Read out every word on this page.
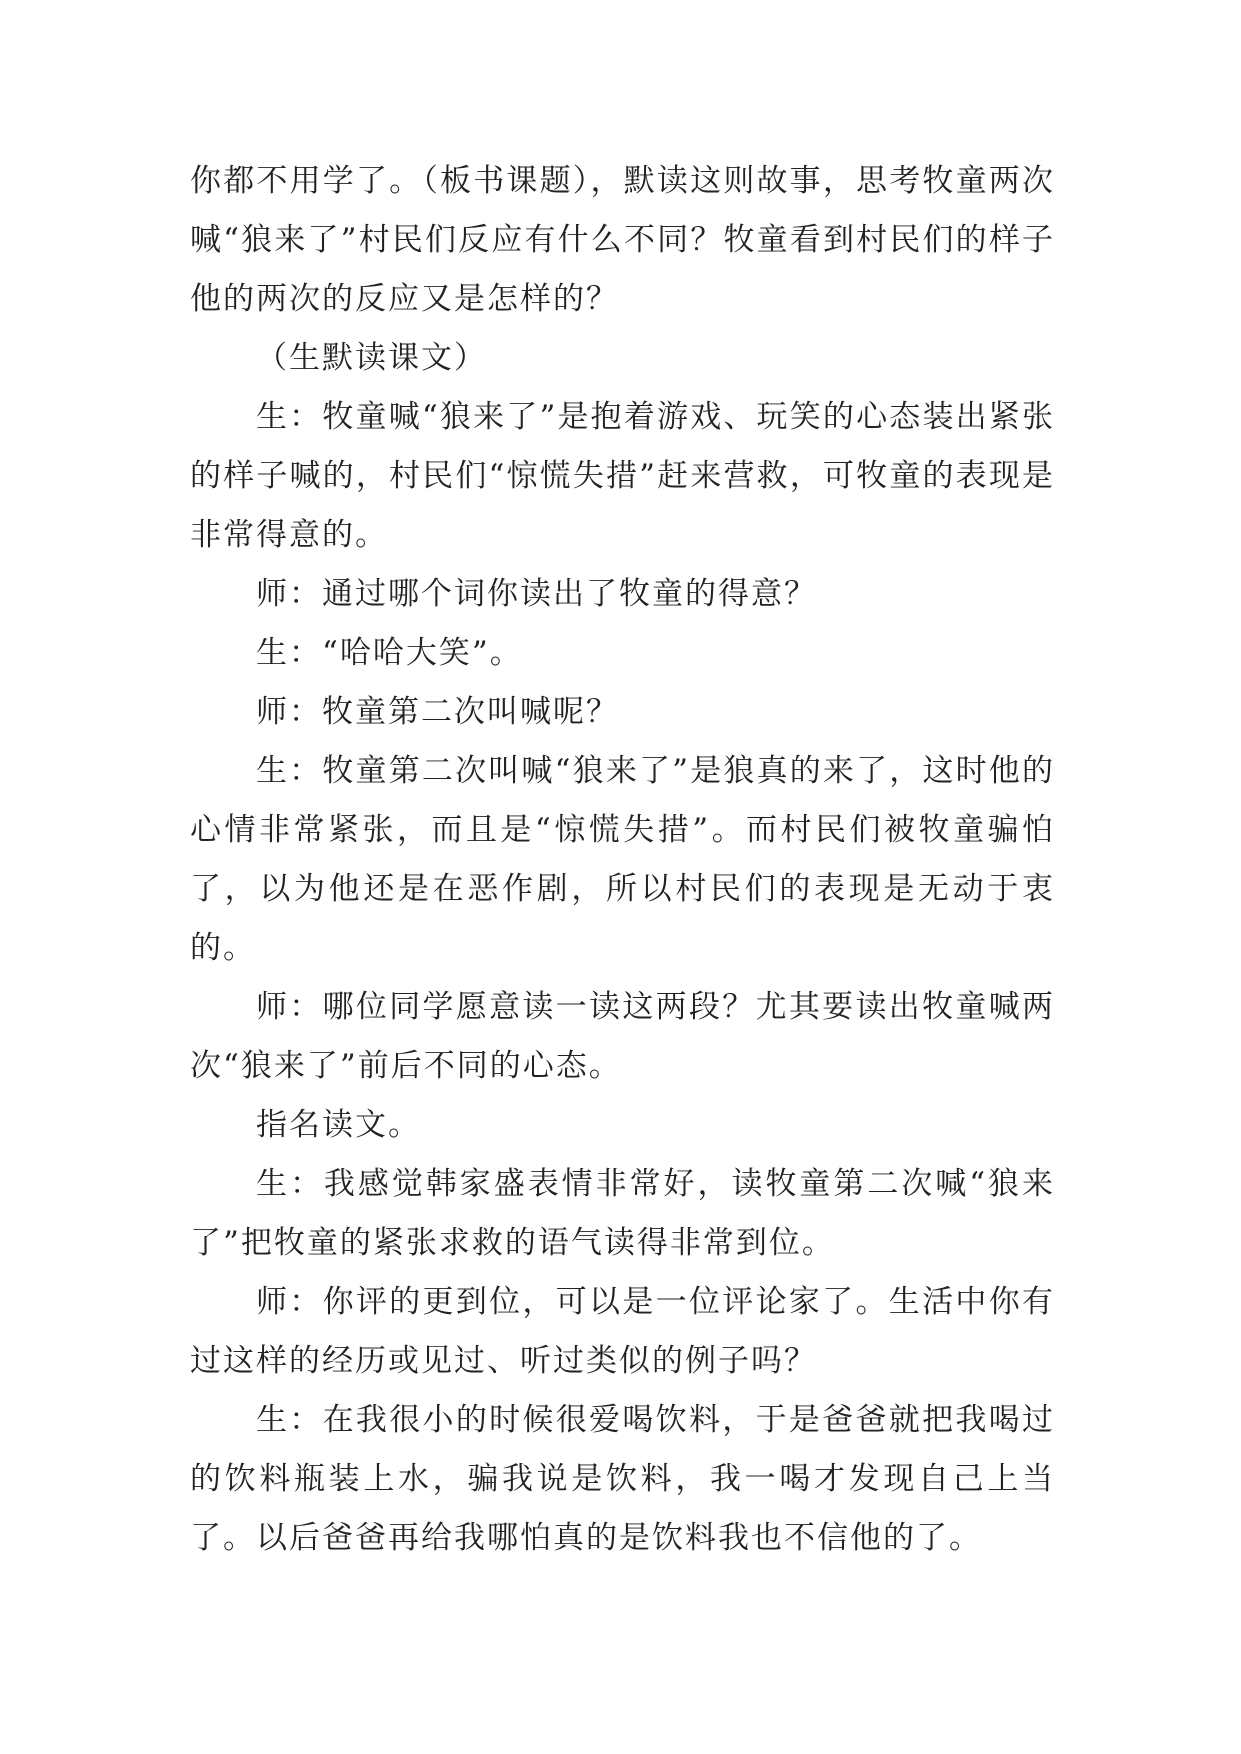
你都不用学了。（板书课题），默读这则故事，思考牧童两次喊“狼来了”村民们反应有什么不同？牧童看到村民们的样子他的两次的反应又是怎样的？

（生默读课文）

生：牧童喊“狼来了”是抱着游戏、玩笑的心态装出紧张的样子喊的，村民们“惊慌失措”赶来营救，可牧童的表现是非常得意的。

师：通过哪个词你读出了牧童的得意？

生：“哈哈大笑”。

师：牧童第二次叫喊呢？

生：牧童第二次叫喊“狼来了”是狼真的来了，这时他的心情非常紧张，而且是“惊慌失措”。而村民们被牧童骗怕了，以为他还是在恶作剧，所以村民们的表现是无动于衷的。

师：哪位同学愿意读一读这两段？尤其要读出牧童喊两次“狼来了”前后不同的心态。

指名读文。

生：我感觉韩家盛表情非常好，读牧童第二次喊“狼来了”把牧童的紧张求救的语气读得非常到位。

师：你评的更到位，可以是一位评论家了。生活中你有过这样的经历或见过、听过类似的例子吗？

生：在我很小的时候很爱喝饮料，于是爸爸就把我喝过的饮料瓶装上水，骗我说是饮料，我一喝才发现自己上当了。以后爸爸再给我哪怕真的是饮料我也不信他的了。
